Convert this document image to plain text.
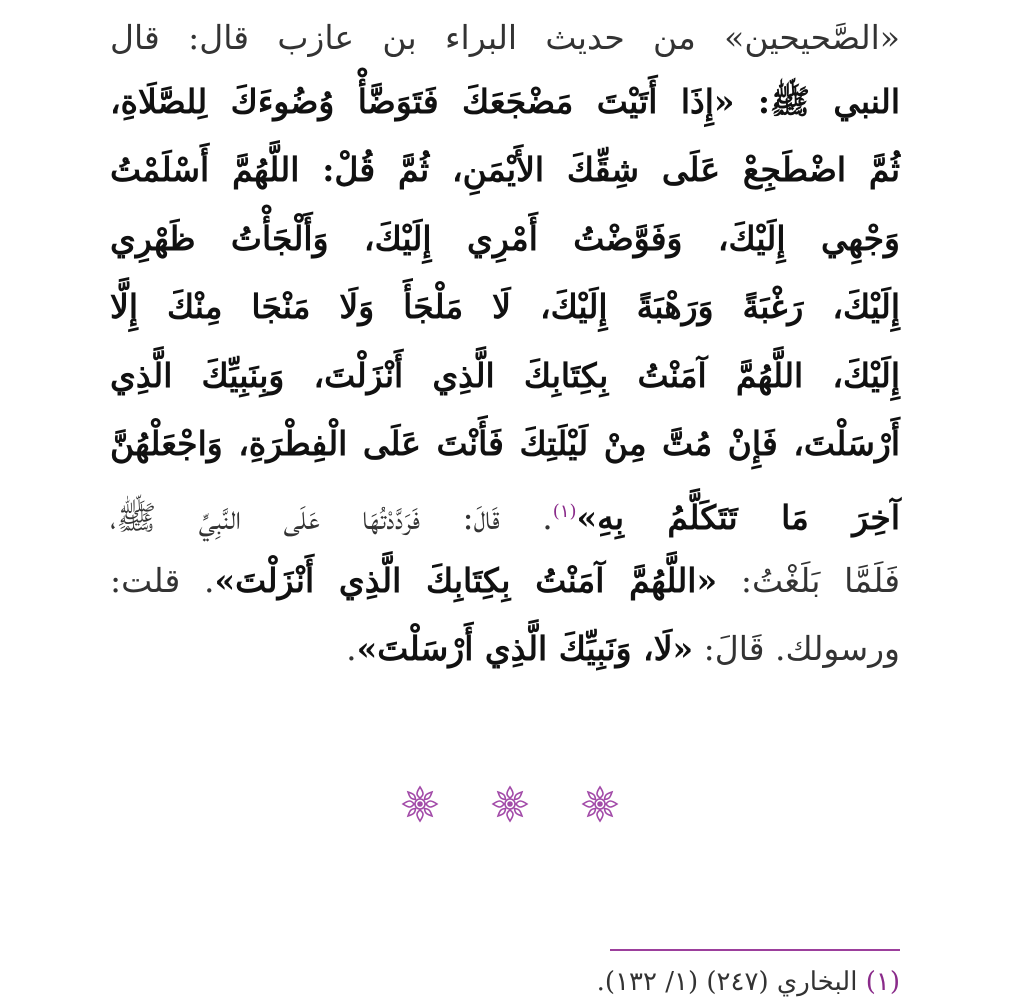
«الصَّحيحين» من حديث البراء بن عازب قال: قال
النبي ﷺ: «إِذَا أَتَيْتَ مَضْجَعَكَ فَتَوَضَّأْ وُضُوءَكَ لِلصَّلَاةِ،
ثُمَّ اضْطَجِعْ عَلَى شِقِّكَ الأَيْمَنِ، ثُمَّ قُلْ: اللَّهُمَّ أَسْلَمْتُ
وَجْهِي إِلَيْكَ، وَفَوَّضْتُ أَمْرِي إِلَيْكَ، وَأَلْجَأْتُ ظَهْرِي
إِلَيْكَ، رَغْبَةً وَرَهْبَةً إِلَيْكَ، لَا مَلْجَأَ وَلَا مَنْجَا مِنْكَ إِلَّا
إِلَيْكَ، اللَّهُمَّ آمَنْتُ بِكِتَابِكَ الَّذِي أَنْزَلْتَ، وَبِنَبِيِّكَ الَّذِي
أَرْسَلْتَ، فَإِنْ مُتَّ مِنْ لَيْلَتِكَ فَأَنْتَ عَلَى الْفِطْرَةِ، وَاجْعَلْهُنَّ
آخِرَ مَا تَتَكَلَّمُ بِهِ»$^{(١)}$. قَالَ: فَرَدَّدْتُهَا عَلَى النَّبِيِّ ﷺ،
فَلَمَّا بَلَغْتُ: «اللَّهُمَّ آمَنْتُ بِكِتَابِكَ الَّذِي أَنْزَلْتَ». قلت:
ورسولك. قَالَ: «لَا، وَنَبِيِّكَ الَّذِي أَرْسَلْتَ».
(١) البخاري (٢٤٧) (١/ ١٣٢).
